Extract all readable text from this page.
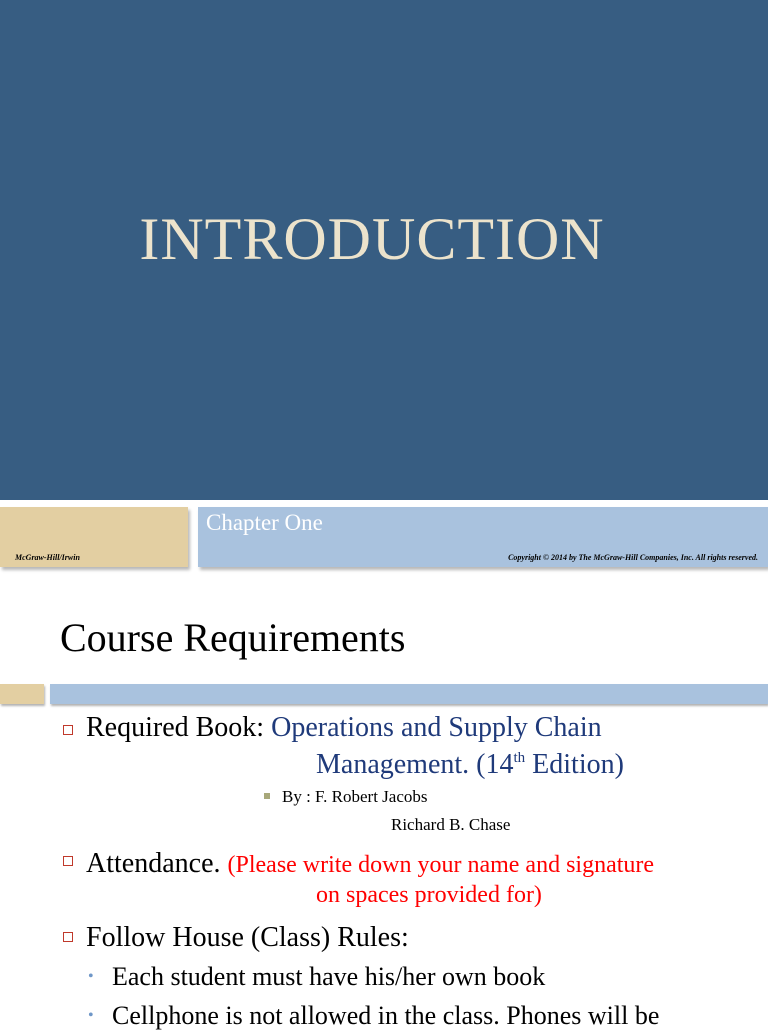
INTRODUCTION
Chapter One
McGraw-Hill/Irwin	Copyright © 2014 by The McGraw-Hill Companies, Inc. All rights reserved.
Course Requirements
Required Book: Operations and Supply Chain
Management. (14th Edition)
By : F. Robert Jacobs
Richard B. Chase
Attendance. (Please write down your name and signature
on spaces provided for)
Follow House (Class) Rules:
• Each student must have his/her own book
• Cellphone is not allowed in the class. Phones will be
